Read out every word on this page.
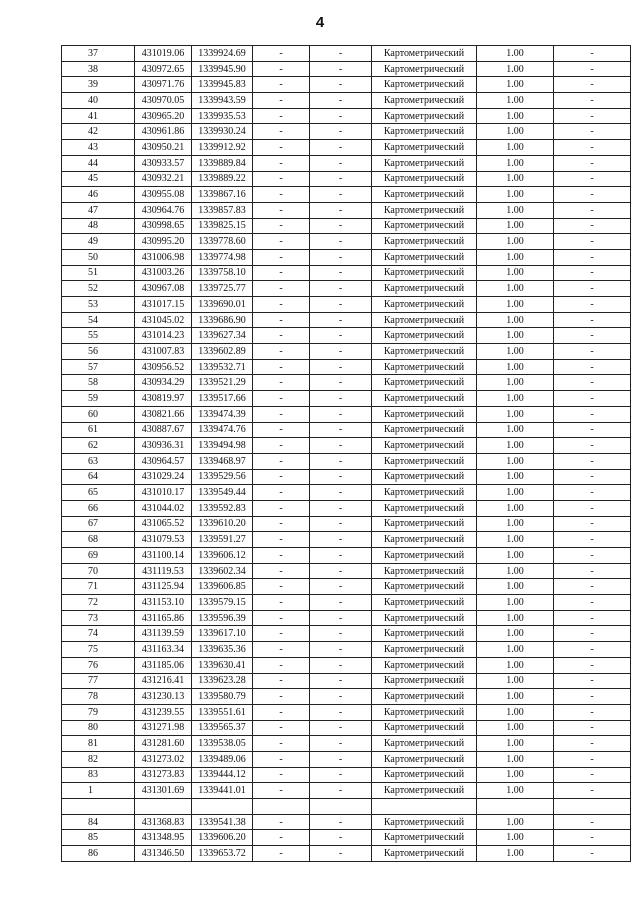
4
37	431019.06	1339924.69	-	-	Картометрический	1.00	-
38	430972.65	1339945.90	-	-	Картометрический	1.00	-
39	430971.76	1339945.83	-	-	Картометрический	1.00	-
40	430970.05	1339943.59	-	-	Картометрический	1.00	-
41	430965.20	1339935.53	-	-	Картометрический	1.00	-
42	430961.86	1339930.24	-	-	Картометрический	1.00	-
43	430950.21	1339912.92	-	-	Картометрический	1.00	-
44	430933.57	1339889.84	-	-	Картометрический	1.00	-
45	430932.21	1339889.22	-	-	Картометрический	1.00	-
46	430955.08	1339867.16	-	-	Картометрический	1.00	-
47	430964.76	1339857.83	-	-	Картометрический	1.00	-
48	430998.65	1339825.15	-	-	Картометрический	1.00	-
49	430995.20	1339778.60	-	-	Картометрический	1.00	-
50	431006.98	1339774.98	-	-	Картометрический	1.00	-
51	431003.26	1339758.10	-	-	Картометрический	1.00	-
52	430967.08	1339725.77	-	-	Картометрический	1.00	-
53	431017.15	1339690.01	-	-	Картометрический	1.00	-
54	431045.02	1339686.90	-	-	Картометрический	1.00	-
55	431014.23	1339627.34	-	-	Картометрический	1.00	-
56	431007.83	1339602.89	-	-	Картометрический	1.00	-
57	430956.52	1339532.71	-	-	Картометрический	1.00	-
58	430934.29	1339521.29	-	-	Картометрический	1.00	-
59	430819.97	1339517.66	-	-	Картометрический	1.00	-
60	430821.66	1339474.39	-	-	Картометрический	1.00	-
61	430887.67	1339474.76	-	-	Картометрический	1.00	-
62	430936.31	1339494.98	-	-	Картометрический	1.00	-
63	430964.57	1339468.97	-	-	Картометрический	1.00	-
64	431029.24	1339529.56	-	-	Картометрический	1.00	-
65	431010.17	1339549.44	-	-	Картометрический	1.00	-
66	431044.02	1339592.83	-	-	Картометрический	1.00	-
67	431065.52	1339610.20	-	-	Картометрический	1.00	-
68	431079.53	1339591.27	-	-	Картометрический	1.00	-
69	431100.14	1339606.12	-	-	Картометрический	1.00	-
70	431119.53	1339602.34	-	-	Картометрический	1.00	-
71	431125.94	1339606.85	-	-	Картометрический	1.00	-
72	431153.10	1339579.15	-	-	Картометрический	1.00	-
73	431165.86	1339596.39	-	-	Картометрический	1.00	-
74	431139.59	1339617.10	-	-	Картометрический	1.00	-
75	431163.34	1339635.36	-	-	Картометрический	1.00	-
76	431185.06	1339630.41	-	-	Картометрический	1.00	-
77	431216.41	1339623.28	-	-	Картометрический	1.00	-
78	431230.13	1339580.79	-	-	Картометрический	1.00	-
79	431239.55	1339551.61	-	-	Картометрический	1.00	-
80	431271.98	1339565.37	-	-	Картометрический	1.00	-
81	431281.60	1339538.05	-	-	Картометрический	1.00	-
82	431273.02	1339489.06	-	-	Картометрический	1.00	-
83	431273.83	1339444.12	-	-	Картометрический	1.00	-
1	431301.69	1339441.01	-	-	Картометрический	1.00	-

84	431368.83	1339541.38	-	-	Картометрический	1.00	-
85	431348.95	1339606.20	-	-	Картометрический	1.00	-
86	431346.50	1339653.72	-	-	Картометрический	1.00	-
